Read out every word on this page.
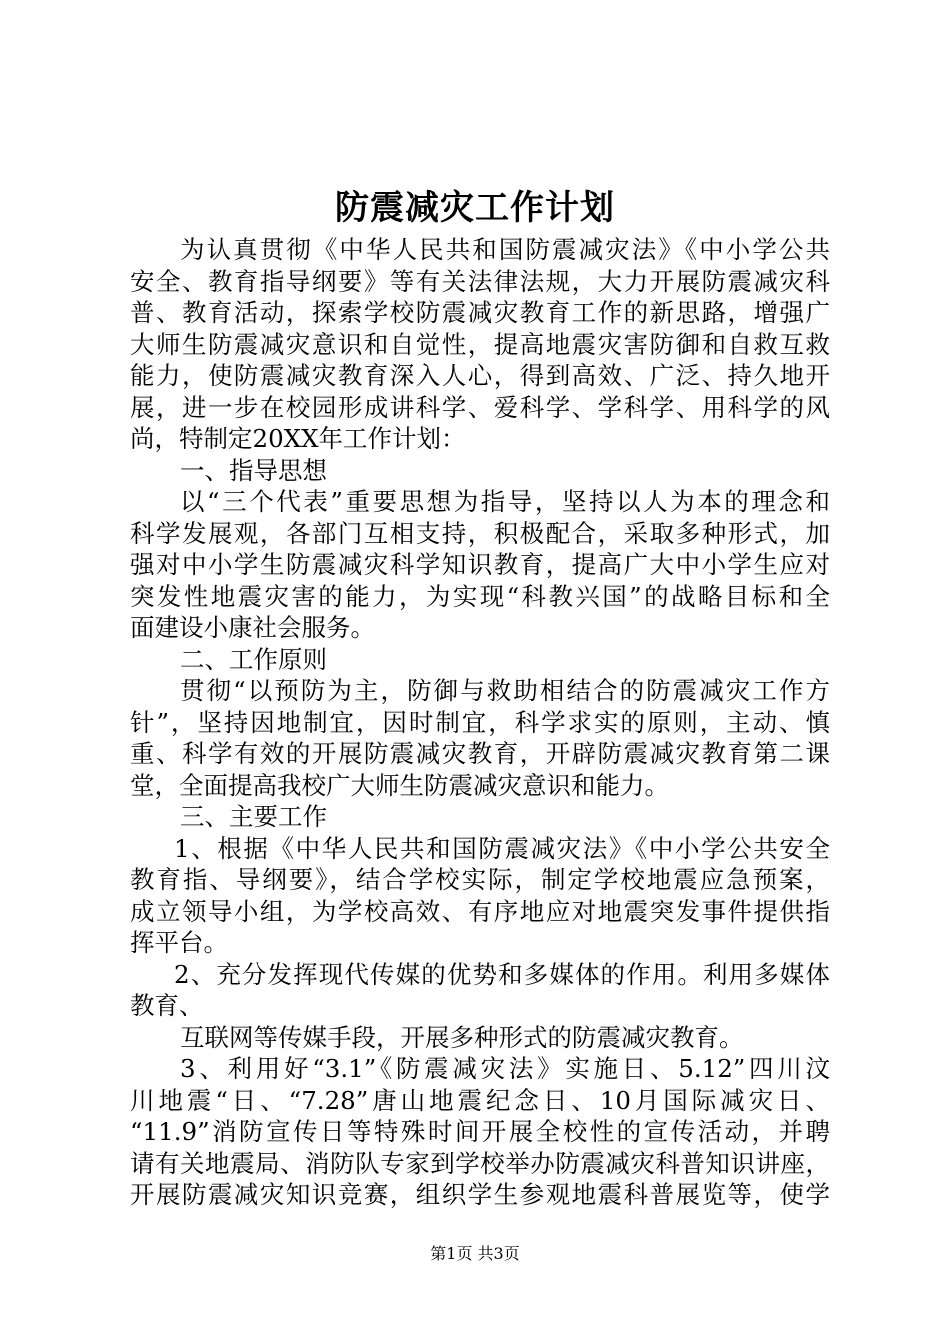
防震减灾工作计划
为认真贯彻《中华人民共和国防震减灾法》《中小学公共
安全、教育指导纲要》等有关法律法规，大力开展防震减灾科
普、教育活动，探索学校防震减灾教育工作的新思路，增强广
大师生防震减灾意识和自觉性，提高地震灾害防御和自救互救
能力，使防震减灾教育深入人心，得到高效、广泛、持久地开
展，进一步在校园形成讲科学、爱科学、学科学、用科学的风
尚，特制定20XX年工作计划：
一、指导思想
以“三个代表”重要思想为指导，坚持以人为本的理念和
科学发展观，各部门互相支持，积极配合，采取多种形式，加
强对中小学生防震减灾科学知识教育，提高广大中小学生应对
突发性地震灾害的能力，为实现“科教兴国”的战略目标和全
面建设小康社会服务。
二、工作原则
贯彻“以预防为主，防御与救助相结合的防震减灾工作方
针”，坚持因地制宜，因时制宜，科学求实的原则，主动、慎
重、科学有效的开展防震减灾教育，开辟防震减灾教育第二课
堂，全面提高我校广大师生防震减灾意识和能力。
三、主要工作
1、根据《中华人民共和国防震减灾法》《中小学公共安全
教育指、导纲要》，结合学校实际，制定学校地震应急预案，
成立领导小组，为学校高效、有序地应对地震突发事件提供指
挥平台。
2、充分发挥现代传媒的优势和多媒体的作用。利用多媒体
教育、
互联网等传媒手段，开展多种形式的防震减灾教育。
3、利用好“3.1”《防震减灾法》实施日、5.12”四川汶
川地震“日、“7.28”唐山地震纪念日、10月国际减灾日、
“11.9”消防宣传日等特殊时间开展全校性的宣传活动，并聘
请有关地震局、消防队专家到学校举办防震减灾科普知识讲座，
开展防震减灾知识竞赛，组织学生参观地震科普展览等，使学
第1页 共3页
